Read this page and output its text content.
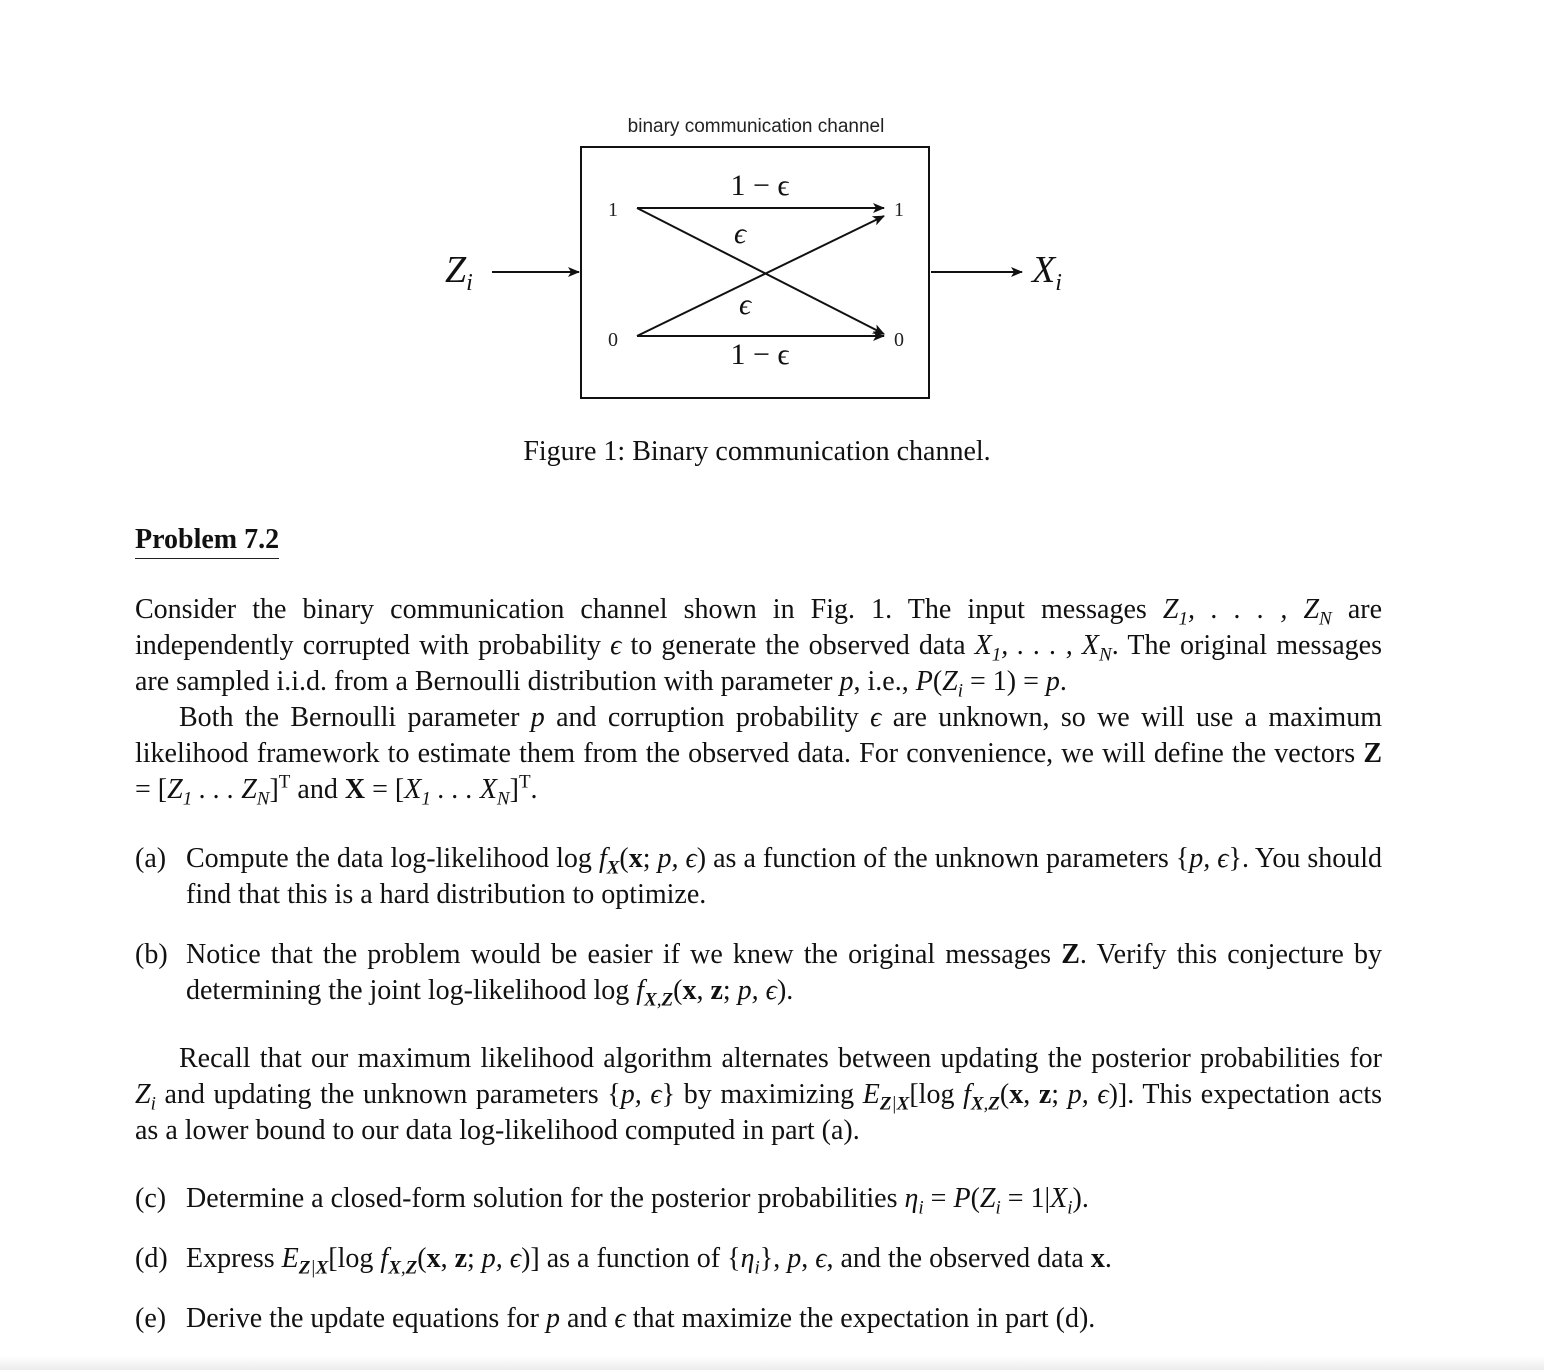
binary communication channel
$Z_i$	$X_i$
1
0
1
0
1 − ϵ
ϵ
ϵ
1 − ϵ

Figure 1: Binary communication channel.

Problem 7.2

Consider the binary communication channel shown in Fig. 1. The input messages $Z_1$, . . . , $Z_N$ are independently corrupted with probability ϵ to generate the observed data $X_1$, . . . , $X_N$. The original messages are sampled i.i.d. from a Bernoulli distribution with parameter p, i.e., $P(Z_i = 1) = p$.

Both the Bernoulli parameter p and corruption probability ϵ are unknown, so we will use a maximum likelihood framework to estimate them from the observed data. For convenience, we will define the vectors $Z = [Z_1$ . . . $Z_N]^T$ and $X = [X_1$ . . . $X_N]^T$.

(a) Compute the data log-likelihood $\log f_X(x$; p, ϵ) as a function of the unknown parameters {p, ϵ}. You should find that this is a hard distribution to optimize.
(b) Notice that the problem would be easier if we knew the original messages Z. Verify this conjecture by determining the joint log-likelihood $\log f_{X,Z}(x$, z; p, ϵ).

Recall that our maximum likelihood algorithm alternates between updating the posterior probabilities for $Z_i$ and updating the unknown parameters {p, ϵ} by maximizing $E_{Z|X}[\log$ $f_{X,Z}(x$, z; p, ϵ)]. This expectation acts as a lower bound to our data log-likelihood computed in part (a).

(c) Determine a closed-form solution for the posterior probabilities $\eta_i = P(Z_i = 1|X_i)$.
(d) Express $E_{Z|X}[\log$ $f_{X,Z}(x$, z; p, ϵ)] as a function of $\{\eta_i\}$, p, ϵ, and the observed data x.
(e) Derive the update equations for p and ϵ that maximize the expectation in part (d).
